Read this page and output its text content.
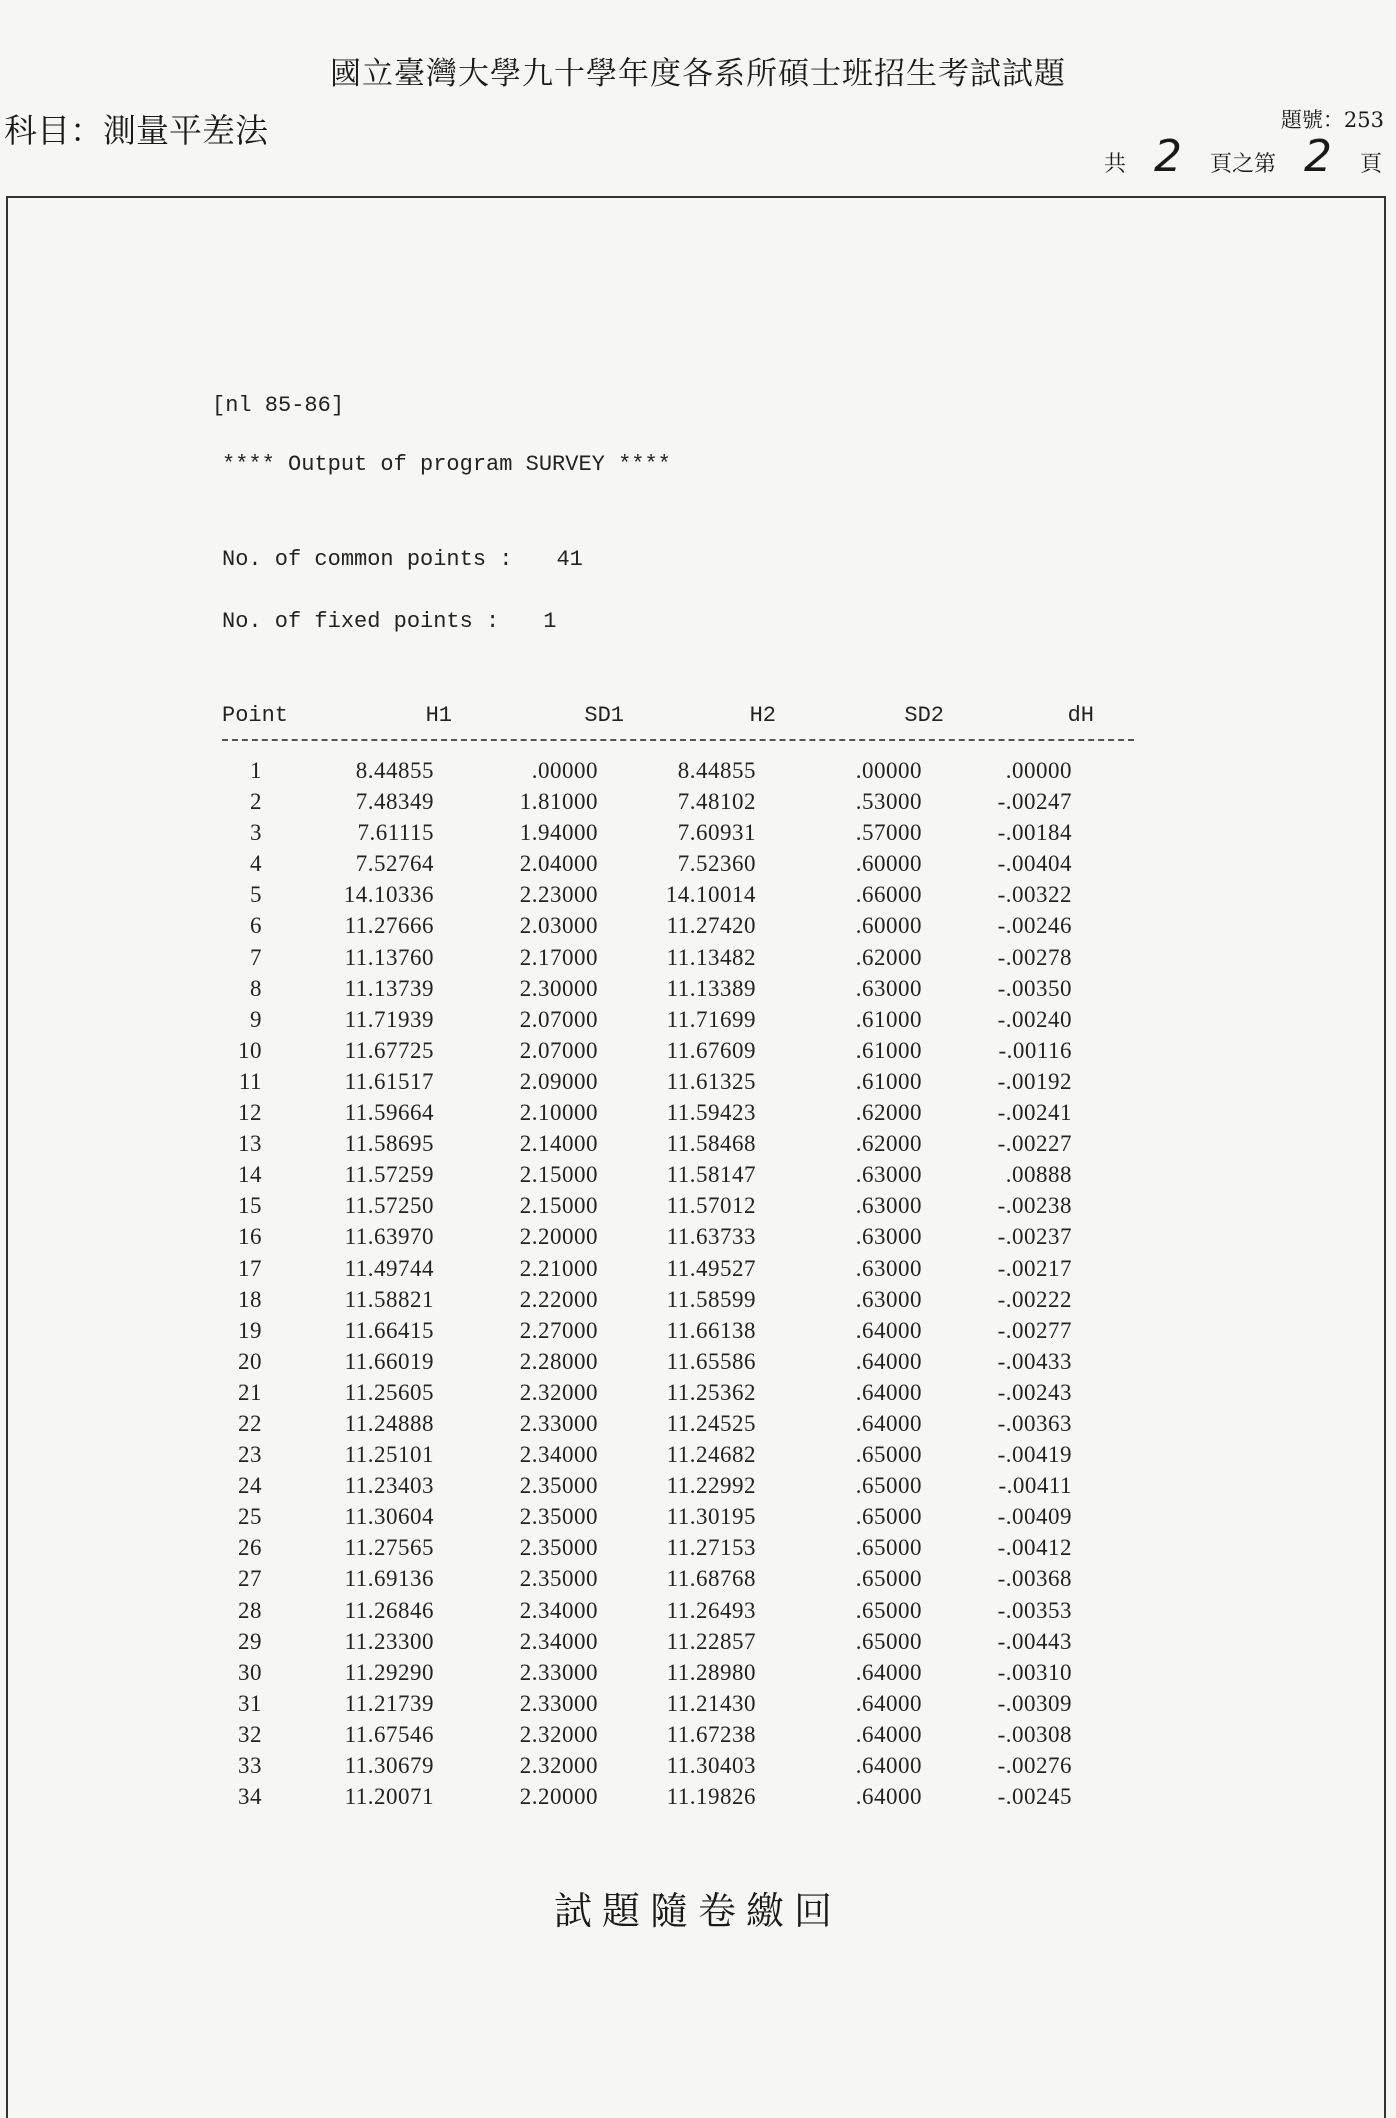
國立臺灣大學九十學年度各系所碩士班招生考試試題
科目：測量平差法	題號：253
共 2 頁之第 2 頁
[nl 85-86]
**** Output of program SURVEY ****
No. of common points : 41
No. of fixed points : 1
Point	H1	SD1	H2	SD2	dH
1	8.44855	.00000	8.44855	.00000	.00000
2	7.48349	1.81000	7.48102	.53000	-.00247
3	7.61115	1.94000	7.60931	.57000	-.00184
4	7.52764	2.04000	7.52360	.60000	-.00404
5	14.10336	2.23000	14.10014	.66000	-.00322
6	11.27666	2.03000	11.27420	.60000	-.00246
7	11.13760	2.17000	11.13482	.62000	-.00278
8	11.13739	2.30000	11.13389	.63000	-.00350
9	11.71939	2.07000	11.71699	.61000	-.00240
10	11.67725	2.07000	11.67609	.61000	-.00116
11	11.61517	2.09000	11.61325	.61000	-.00192
12	11.59664	2.10000	11.59423	.62000	-.00241
13	11.58695	2.14000	11.58468	.62000	-.00227
14	11.57259	2.15000	11.58147	.63000	.00888
15	11.57250	2.15000	11.57012	.63000	-.00238
16	11.63970	2.20000	11.63733	.63000	-.00237
17	11.49744	2.21000	11.49527	.63000	-.00217
18	11.58821	2.22000	11.58599	.63000	-.00222
19	11.66415	2.27000	11.66138	.64000	-.00277
20	11.66019	2.28000	11.65586	.64000	-.00433
21	11.25605	2.32000	11.25362	.64000	-.00243
22	11.24888	2.33000	11.24525	.64000	-.00363
23	11.25101	2.34000	11.24682	.65000	-.00419
24	11.23403	2.35000	11.22992	.65000	-.00411
25	11.30604	2.35000	11.30195	.65000	-.00409
26	11.27565	2.35000	11.27153	.65000	-.00412
27	11.69136	2.35000	11.68768	.65000	-.00368
28	11.26846	2.34000	11.26493	.65000	-.00353
29	11.23300	2.34000	11.22857	.65000	-.00443
30	11.29290	2.33000	11.28980	.64000	-.00310
31	11.21739	2.33000	11.21430	.64000	-.00309
32	11.67546	2.32000	11.67238	.64000	-.00308
33	11.30679	2.32000	11.30403	.64000	-.00276
34	11.20071	2.20000	11.19826	.64000	-.00245
試題隨卷繳回
